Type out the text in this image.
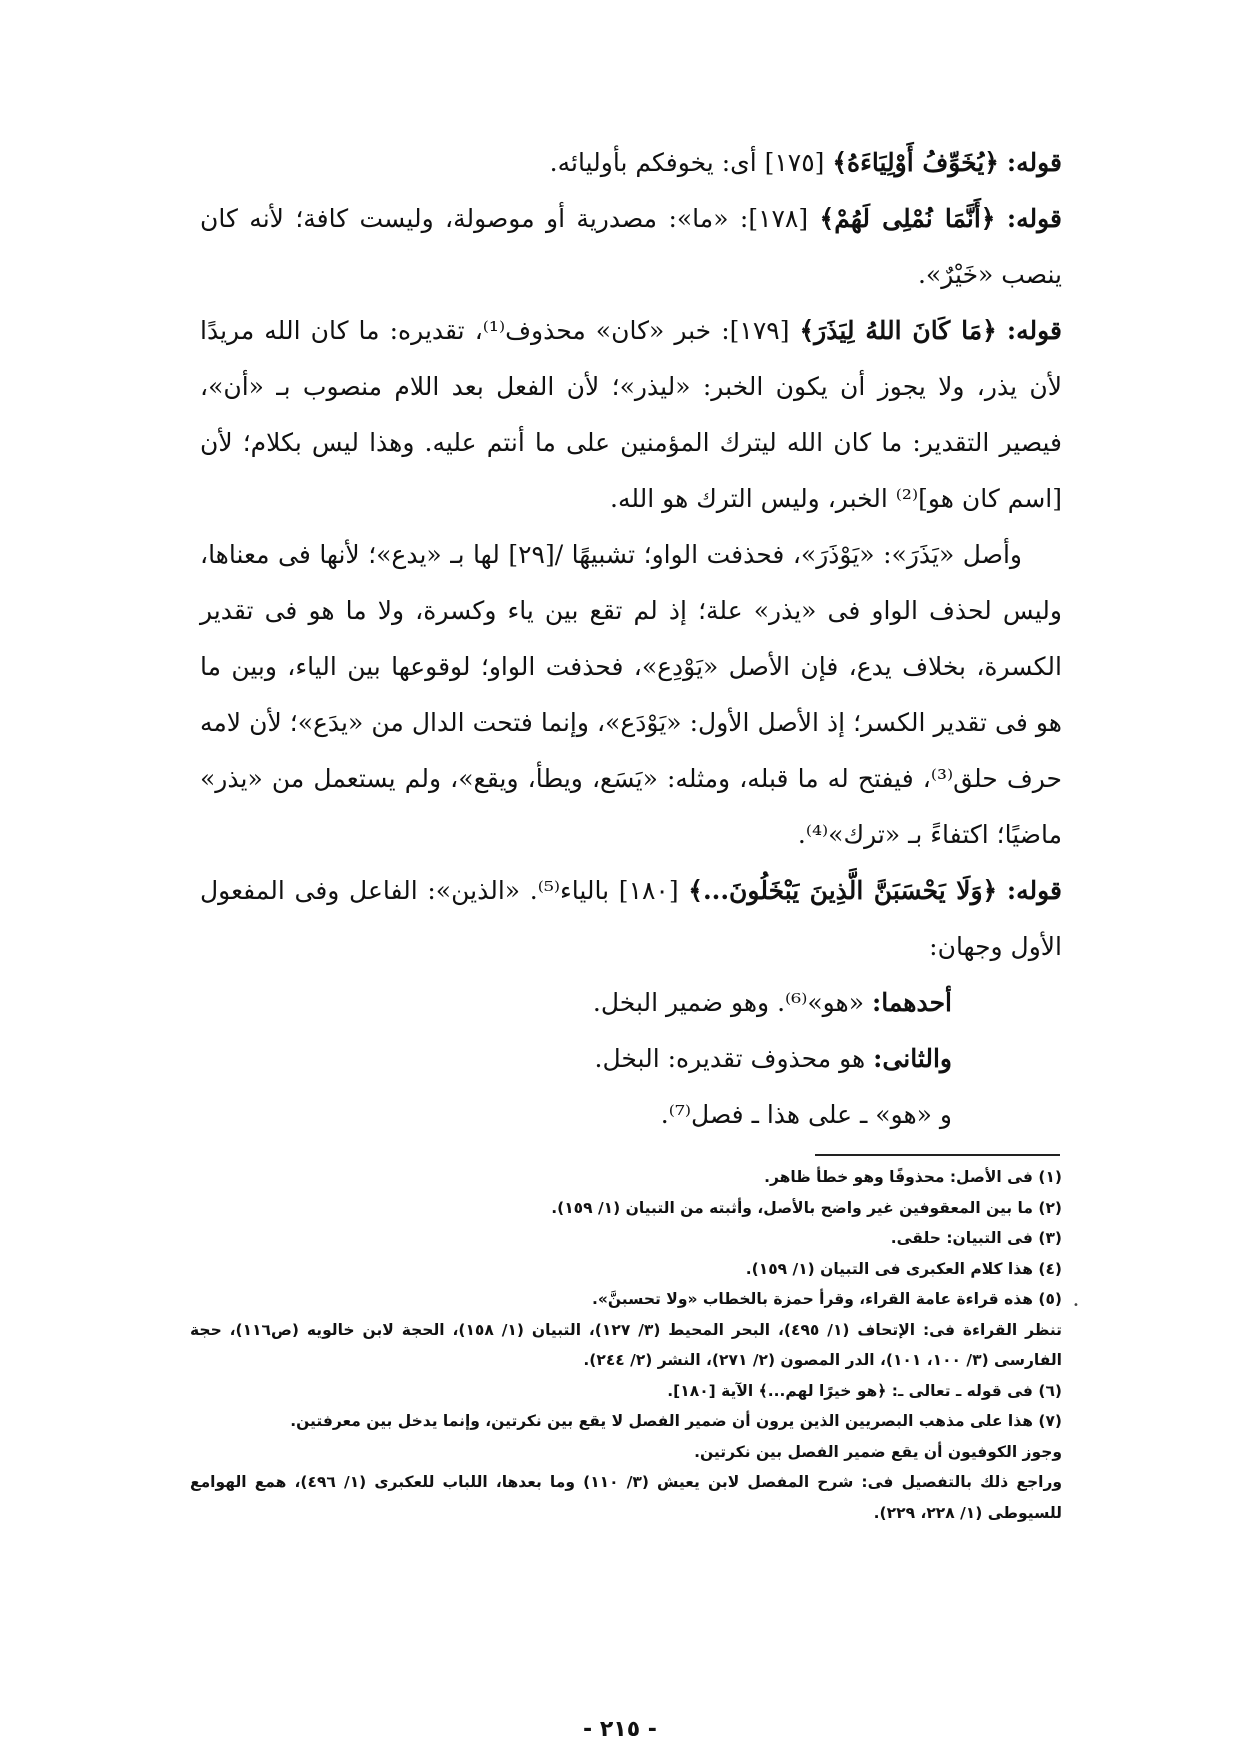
قوله: ﴿يُخَوِّفُ أَوْلِيَاءَهُ﴾ [١٧٥] أى: يخوفكم بأوليائه.

قوله: ﴿أَنَّمَا نُمْلِى لَهُمْ﴾ [١٧٨]: «ما»: مصدرية أو موصولة، وليست كافة؛ لأنه كان ينصب «خَيْرٌ».

قوله: ﴿مَا كَانَ اللهُ لِيَذَرَ﴾ [١٧٩]: خبر «كان» محذوف⁽¹⁾، تقديره: ما كان الله مريدًا لأن يذر، ولا يجوز أن يكون الخبر: «ليذر»؛ لأن الفعل بعد اللام منصوب بـ «أن»، فيصير التقدير: ما كان الله ليترك المؤمنين على ما أنتم عليه. وهذا ليس بكلام؛ لأن [اسم كان هو]⁽²⁾ الخبر، وليس الترك هو الله.

وأصل «يَذَرَ»: «يَوْذَرَ»، فحذفت الواو؛ تشبيهًا /[٢٩] لها بـ «يدع»؛ لأنها فى معناها، وليس لحذف الواو فى «يذر» علة؛ إذ لم تقع بين ياء وكسرة، ولا ما هو فى تقدير الكسرة، بخلاف يدع، فإن الأصل «يَوْدِع»، فحذفت الواو؛ لوقوعها بين الياء، وبين ما هو فى تقدير الكسر؛ إذ الأصل الأول: «يَوْدَع»، وإنما فتحت الدال من «يدَع»؛ لأن لامه حرف حلق⁽³⁾، فيفتح له ما قبله، ومثله: «يَسَع، ويطأ، ويقع»، ولم يستعمل من «يذر» ماضيًا؛ اكتفاءً بـ «ترك»⁽⁴⁾.

قوله: ﴿وَلَا يَحْسَبَنَّ الَّذِينَ يَبْخَلُونَ...﴾ [١٨٠] بالياء⁽⁵⁾. «الذين»: الفاعل وفى المفعول الأول وجهان:

أحدهما: «هو»⁽⁶⁾. وهو ضمير البخل.

والثانى: هو محذوف تقديره: البخل.

و «هو» ـ على هذا ـ فصل⁽⁷⁾.

(١) فى الأصل: محذوفًا وهو خطأ ظاهر.

(٢) ما بين المعقوفين غير واضح بالأصل، وأثبته من التبيان (١/ ١٥٩).

(٣) فى التبيان: حلقى.

(٤) هذا كلام العكبرى فى التبيان (١/ ١٥٩).

(٥) هذه قراءة عامة القراء، وقرأ حمزة بالخطاب «ولا تحسبنَّ».

تنظر القراءة فى: الإتحاف (١/ ٤٩٥)، البحر المحيط (٣/ ١٢٧)، التبيان (١/ ١٥٨)، الحجة لابن خالويه (ص١١٦)، حجة الفارسى (٣/ ١٠٠، ١٠١)، الدر المصون (٢/ ٢٧١)، النشر (٢/ ٢٤٤).

(٦) فى قوله ـ تعالى ـ: ﴿هو خيرًا لهم...﴾ الآية [١٨٠].

(٧) هذا على مذهب البصريين الذين يرون أن ضمير الفصل لا يقع بين نكرتين، وإنما يدخل بين معرفتين.

وجوز الكوفيون أن يقع ضمير الفصل بين نكرتين.

وراجع ذلك بالتفصيل فى: شرح المفصل لابن يعيش (٣/ ١١٠) وما بعدها، اللباب للعكبرى (١/ ٤٩٦)، همع الهوامع للسيوطى (١/ ٢٢٨، ٢٢٩).

•
- ٢١٥ -
